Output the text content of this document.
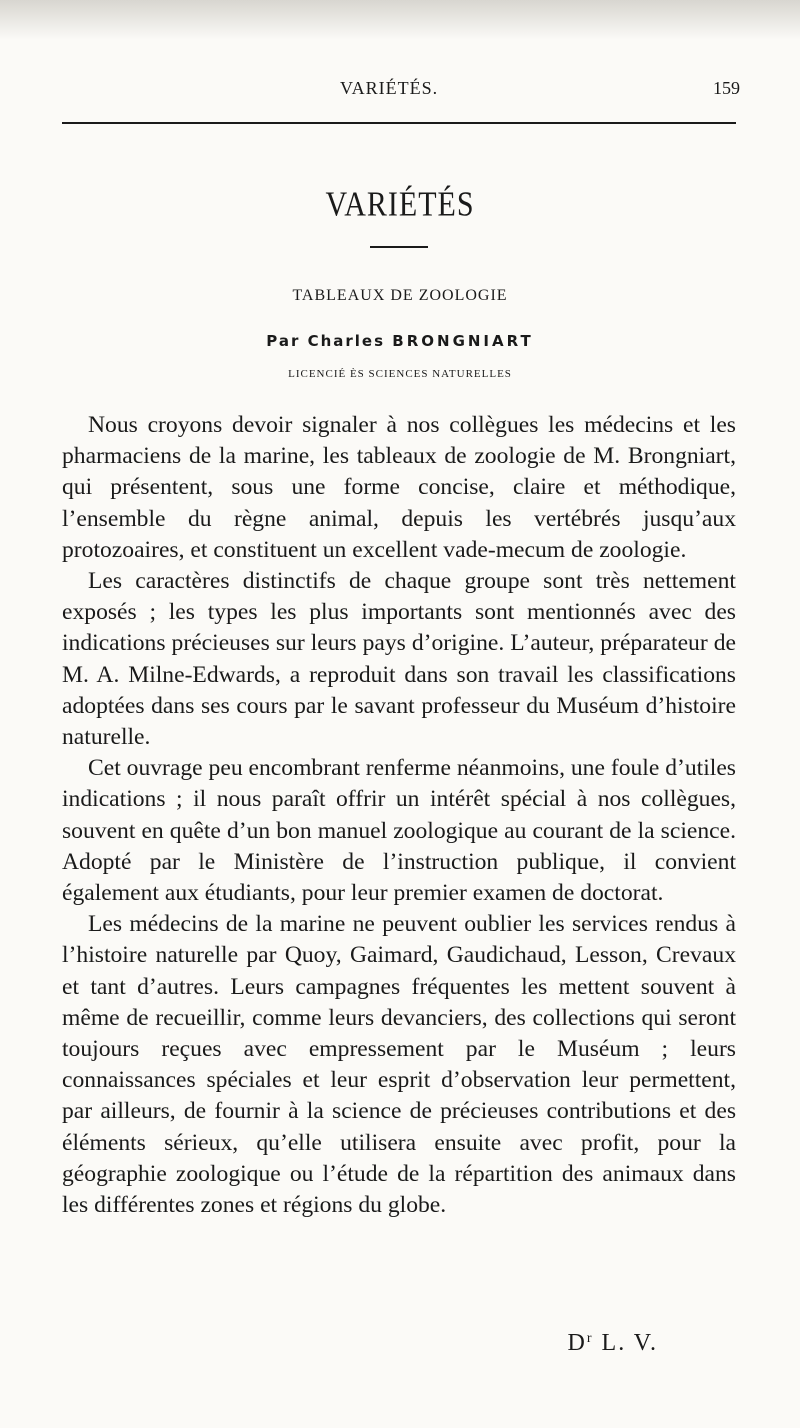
VARIÉTÉS.	159
VARIÉTÉS
TABLEAUX DE ZOOLOGIE
Par Charles BRONGNIART
LICENCIÉ ÈS SCIENCES NATURELLES

Nous croyons devoir signaler à nos collègues les médecins et les pharmaciens de la marine, les tableaux de zoologie de M. Brongniart, qui présentent, sous une forme concise, claire et méthodique, l’ensemble du règne animal, depuis les vertébrés jusqu’aux protozoaires, et constituent un excellent vade-mecum de zoologie.

Les caractères distinctifs de chaque groupe sont très nettement exposés ; les types les plus importants sont mentionnés avec des indications précieuses sur leurs pays d’origine. L’auteur, préparateur de M. A. Milne-Edwards, a reproduit dans son travail les classifications adoptées dans ses cours par le savant professeur du Muséum d’histoire naturelle.

Cet ouvrage peu encombrant renferme néanmoins, une foule d’utiles indications ; il nous paraît offrir un intérêt spécial à nos collègues, souvent en quête d’un bon manuel zoologique au courant de la science. Adopté par le Ministère de l’instruction publique, il convient également aux étudiants, pour leur premier examen de doctorat.

Les médecins de la marine ne peuvent oublier les services rendus à l’histoire naturelle par Quoy, Gaimard, Gaudichaud, Lesson, Crevaux et tant d’autres. Leurs campagnes fréquentes les mettent souvent à même de recueillir, comme leurs devanciers, des collections qui seront toujours reçues avec empressement par le Muséum ; leurs connaissances spéciales et leur esprit d’observation leur permettent, par ailleurs, de fournir à la science de précieuses contributions et des éléments sérieux, qu’elle utilisera ensuite avec profit, pour la géographie zoologique ou l’étude de la répartition des animaux dans les différentes zones et régions du globe.

$D^r$ L. V.
